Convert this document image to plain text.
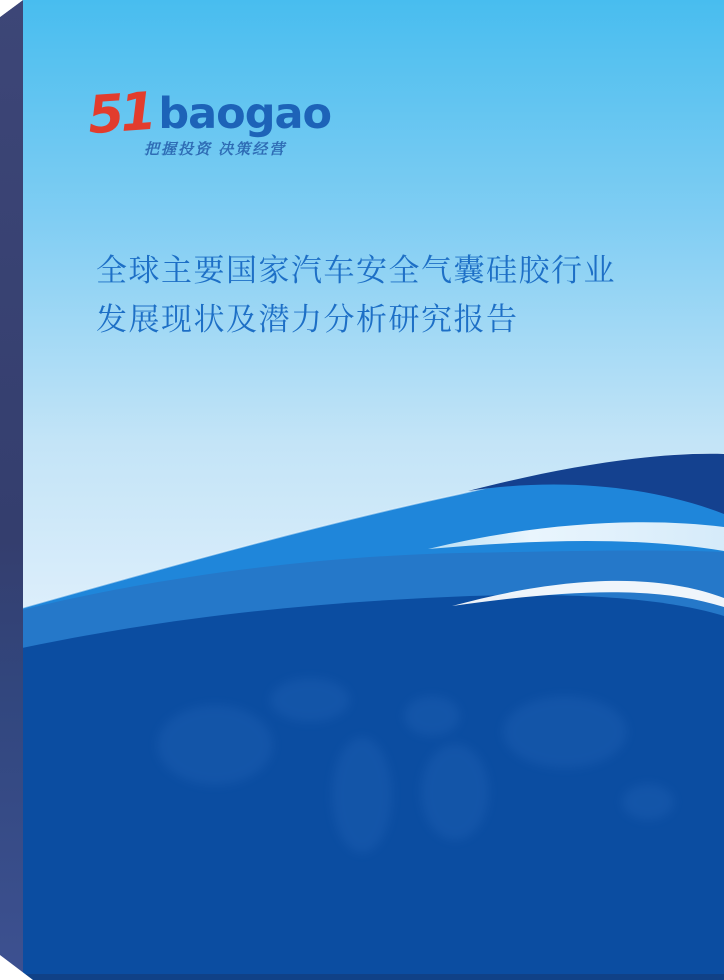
51 baogao
把握投资 决策经营
全球主要国家汽车安全气囊硅胶行业
发展现状及潜力分析研究报告
